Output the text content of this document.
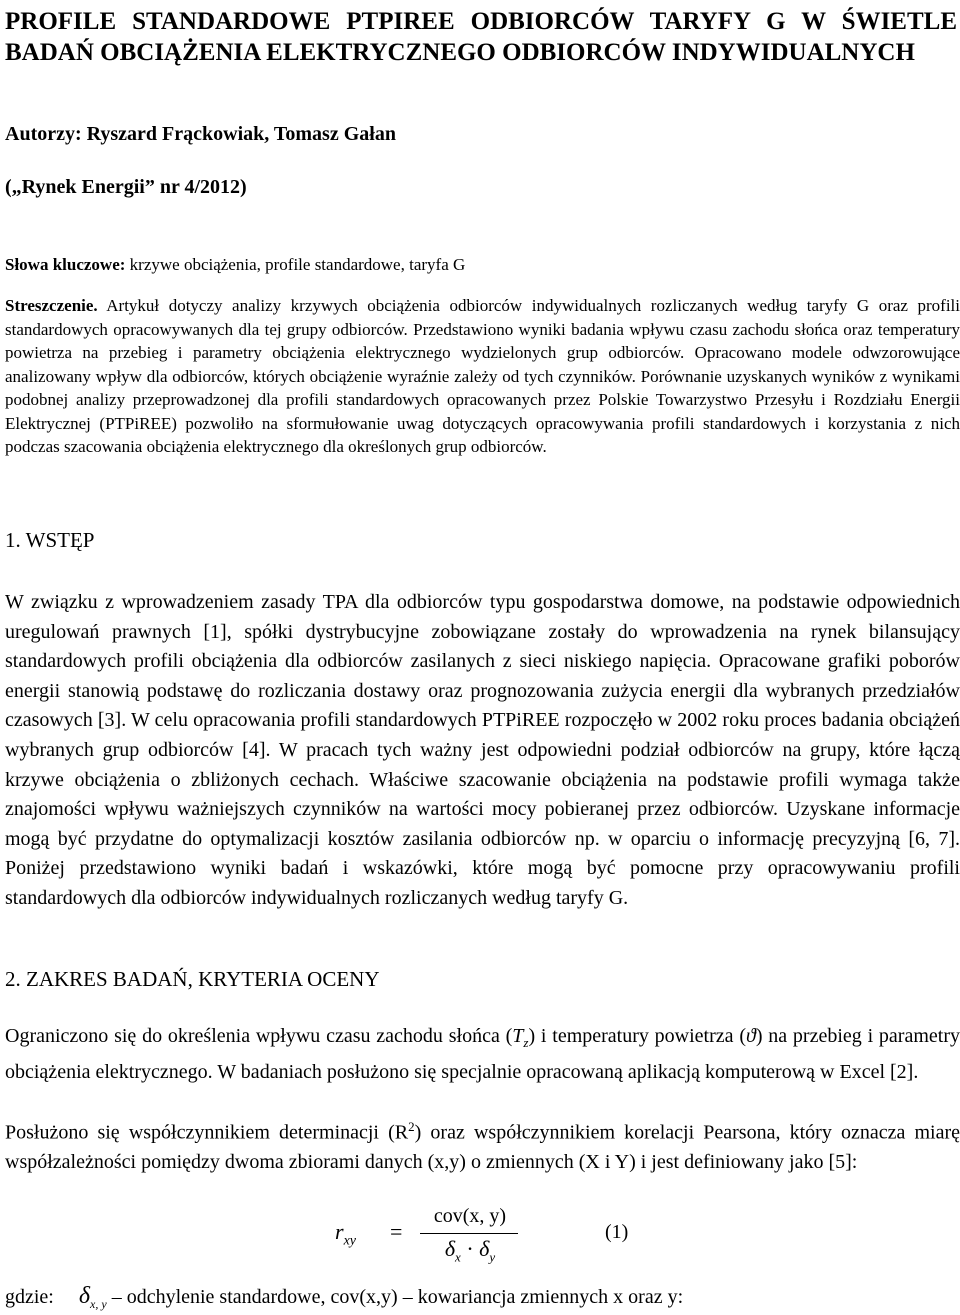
PROFILE STANDARDOWE PTPIREE ODBIORCÓW TARYFY G W ŚWIETLE BADAŃ OBCIĄŻENIA ELEKTRYCZNEGO ODBIORCÓW INDYWIDUALNYCH
Autorzy: Ryszard Frąckowiak, Tomasz Gałan
(„Rynek Energii” nr 4/2012)
Słowa kluczowe: krzywe obciążenia, profile standardowe, taryfa G

Streszczenie. Artykuł dotyczy analizy krzywych obciążenia odbiorców indywidualnych rozliczanych według taryfy G oraz profili standardowych opracowywanych dla tej grupy odbiorców. Przedstawiono wyniki badania wpływu czasu zachodu słońca oraz temperatury powietrza na przebieg i parametry obciążenia elektrycznego wydzielonych grup odbiorców. Opracowano modele odwzorowujące analizowany wpływ dla odbiorców, których obciążenie wyraźnie zależy od tych czynników. Porównanie uzyskanych wyników z wynikami podobnej analizy przeprowadzonej dla profili standardowych opracowanych przez Polskie Towarzystwo Przesyłu i Rozdziału Energii Elektrycznej (PTPiREE) pozwoliło na sformułowanie uwag dotyczących opracowywania profili standardowych i korzystania z nich podczas szacowania obciążenia elektrycznego dla określonych grup odbiorców.

1. WSTĘP

W związku z wprowadzeniem zasady TPA dla odbiorców typu gospodarstwa domowe, na podstawie odpowiednich uregulowań prawnych [1], spółki dystrybucyjne zobowiązane zostały do wprowadzenia na rynek bilansujący standardowych profili obciążenia dla odbiorców zasilanych z sieci niskiego napięcia. Opracowane grafiki poborów energii stanowią podstawę do rozliczania dostawy oraz prognozowania zużycia energii dla wybranych przedziałów czasowych [3]. W celu opracowania profili standardowych PTPiREE rozpoczęło w 2002 roku proces badania obciążeń wybranych grup odbiorców [4]. W pracach tych ważny jest odpowiedni podział odbiorców na grupy, które łączą krzywe obciążenia o zbliżonych cechach. Właściwe szacowanie obciążenia na podstawie profili wymaga także znajomości wpływu ważniejszych czynników na wartości mocy pobieranej przez odbiorców. Uzyskane informacje mogą być przydatne do optymalizacji kosztów zasilania odbiorców np. w oparciu o informację precyzyjną [6, 7]. Poniżej przedstawiono wyniki badań i wskazówki, które mogą być pomocne przy opracowywaniu profili standardowych dla odbiorców indywidualnych rozliczanych według taryfy G.

2. ZAKRES BADAŃ, KRYTERIA OCENY

Ograniczono się do określenia wpływu czasu zachodu słońca $(T_z)$ i temperatury powietrza (ϑ) na przebieg i parametry obciążenia elektrycznego. W badaniach posłużono się specjalnie opracowaną aplikacją komputerową w Excel [2].

Posłużono się współczynnikiem determinacji $(R^2)$ oraz współczynnikiem korelacji Pearsona, który oznacza miarę współzależności pomiędzy dwoma zbiorami danych (x,y) o zmiennych (X i Y) i jest definiowany jako [5]:

$r_{xy}$ =
cov(x, y)
$\delta_x \cdot \delta_y$
(1)
gdzie: $\delta_{x, y}$ – odchylenie standardowe, cov(x,y) – kowariancja zmiennych x oraz y:
